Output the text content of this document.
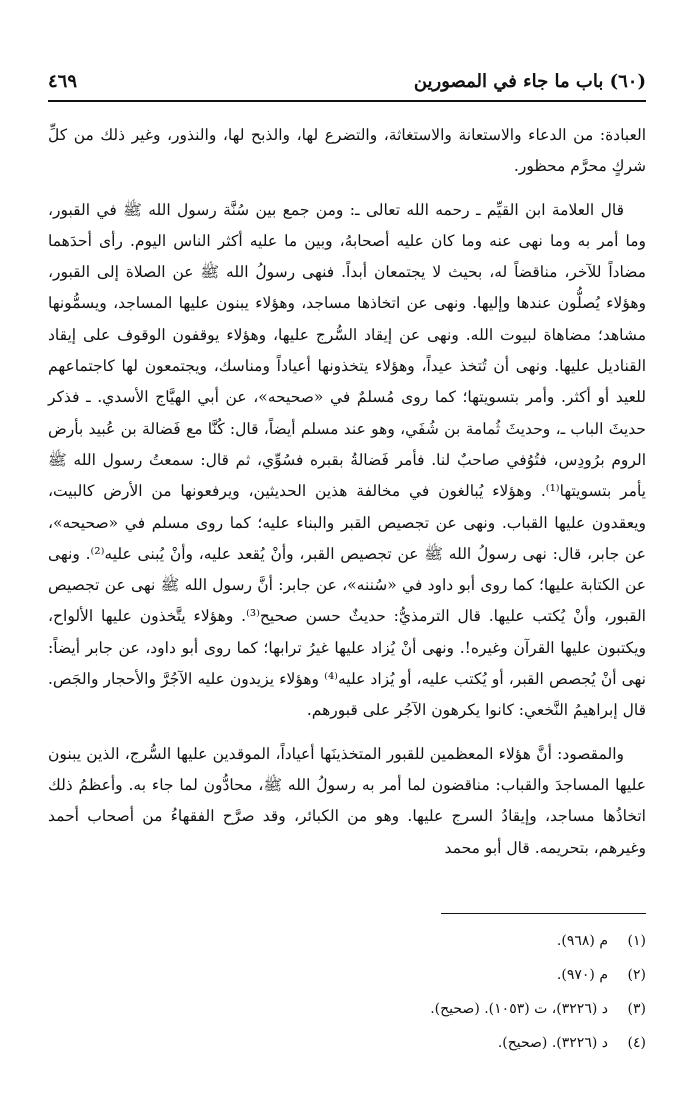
(٦٠) باب ما جاء في المصورين
٤٦٩

العبادة: من الدعاء والاستعانة والاستغاثة، والتضرع لها، والذبح لها، والنذور، وغير ذلك من كلِّ شركٍ محرَّم محظور.

قال العلامة ابن القيِّم ـ رحمه الله تعالى ـ: ومن جمع بين سُنَّة رسول الله ﷺ في القبور، وما أمر به وما نهى عنه وما كان عليه أصحابهُ، وبين ما عليه أكثر الناس اليوم. رأى أحدَهما مضاداً للآخر، مناقضاً له، بحيث لا يجتمعان أبداً. فنهى رسولُ الله ﷺ عن الصلاة إلى القبور، وهؤلاء يُصلُّون عندها وإليها. ونهى عن اتخاذها مساجد، وهؤلاء يبنون عليها المساجد، ويسمُّونها مشاهد؛ مضاهاة لبيوت الله. ونهى عن إيقاد السُّرج عليها، وهؤلاء يوقفون الوقوف على إيقاد القناديل عليها. ونهى أن تُتخذ عيداً، وهؤلاء يتخذونها أعياداً ومناسك، ويجتمعون لها كاجتماعهم للعيد أو أكثر. وأمر بتسويتها؛ كما روى مُسلمٌ في «صحيحه»، عن أبي الهيَّاج الأسدي. ـ فذكر حديثَ الباب ـ، وحديثَ ثُمامة بن شُفَي، وهو عند مسلم أيضاً، قال: كُنَّا مع فَضالة بن عُبيد بأرض الروم برُودِس، فتُوُفي صاحبٌ لنا. فأمر فَضالةُ بقبره فسُوِّي، ثم قال: سمعتُ رسول الله ﷺ يأمر بتسويتها⁽¹⁾. وهؤلاء يُبالغون في مخالفة هذين الحديثين، ويرفعونها من الأرض كالبيت، ويعقدون عليها القباب. ونهى عن تجصيص القبر والبناء عليه؛ كما روى مسلم في «صحيحه»، عن جابر، قال: نهى رسولُ الله ﷺ عن تجصيص القبر، وأنْ يُقعد عليه، وأنْ يُبنى عليه⁽²⁾. ونهى عن الكتابة عليها؛ كما روى أبو داود في «سُننه»، عن جابر: أنَّ رسول الله ﷺ نهى عن تجصيص القبور، وأنْ يُكتب عليها. قال الترمذيُّ: حديثٌ حسن صحيح⁽³⁾. وهؤلاء يتَّخذون عليها الألواح، ويكتبون عليها القرآن وغيره!. ونهى أنْ يُزاد عليها غيرُ ترابها؛ كما روى أبو داود، عن جابر أيضاً: نهى أنْ يُجصص القبر، أو يُكتب عليه، أو يُزاد عليه⁽⁴⁾ وهؤلاء يزيدون عليه الآجُرَّ والأحجار والجَص. قال إبراهيمُ النَّخعي: كانوا يكرهون الآجُر على قبورهم.

والمقصود: أنَّ هؤلاء المعظمين للقبور المتخذينَها أعياداً، الموقدين عليها السُّرج، الذين يبنون عليها المساجدَ والقباب: مناقضون لما أمر به رسولُ الله ﷺ، محادُّون لما جاء به. وأعظمُ ذلك اتخاذُها مساجد، وإيقادُ السرج عليها. وهو من الكبائر، وقد صرَّح الفقهاءُ من أصحاب أحمد وغيرهم، بتحريمه. قال أبو محمد

(١)
م (٩٦٨).
(٢)
م (٩٧٠).
(٣)
د (٣٢٢٦)، ت (١٠٥٣). (صحيح).
(٤)
د (٣٢٢٦). (صحيح).
